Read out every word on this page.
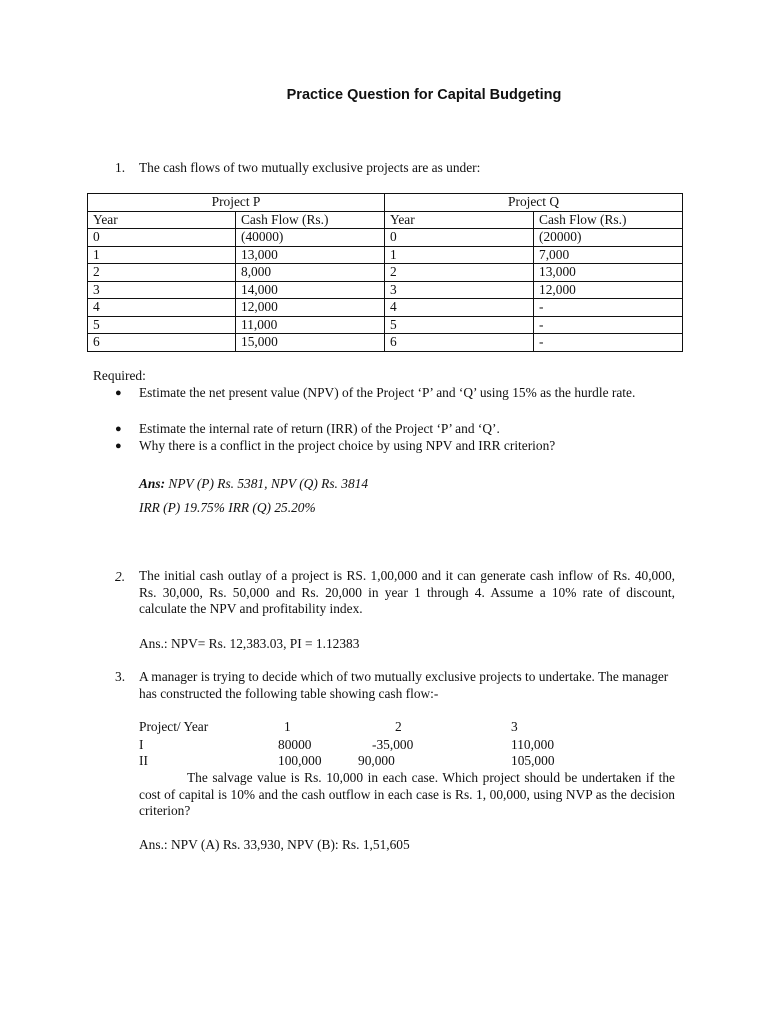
Practice Question for Capital Budgeting
1.	The cash flows of two mutually exclusive projects are as under:
Project P		Project Q	
Year	Cash Flow (Rs.)	Year	Cash Flow (Rs.)
0	(40000)	0	(20000)
1	13,000	1	7,000
2	8,000	2	13,000
3	14,000	3	12,000
4	12,000	4	-
5	11,000	5	-
6	15,000	6	-
Required:
● Estimate the net present value (NPV) of the Project ‘P’ and ‘Q’ using 15% as the hurdle rate.
● Estimate the internal rate of return (IRR) of the Project ‘P’ and ‘Q’.
● Why there is a conflict in the project choice by using NPV and IRR criterion?
Ans: NPV (P) Rs. 5381, NPV (Q) Rs. 3814
IRR (P) 19.75% IRR (Q) 25.20%
2.	The initial cash outlay of a project is RS. 1,00,000 and it can generate cash inflow of Rs. 40,000, Rs. 30,000, Rs. 50,000 and Rs. 20,000 in year 1 through 4. Assume a 10% rate of discount, calculate the NPV and profitability index.
Ans.: NPV= Rs. 12,383.03, PI = 1.12383
3.	A manager is trying to decide which of two mutually exclusive projects to undertake. The manager has constructed the following table showing cash flow:-
Project/ Year	1	2	3
I	80000	-35,000	110,000
II	100,000	90,000	105,000
The salvage value is Rs. 10,000 in each case. Which project should be undertaken if the cost of capital is 10% and the cash outflow in each case is Rs. 1, 00,000, using NVP as the decision criterion?
Ans.: NPV (A) Rs. 33,930, NPV (B): Rs. 1,51,605
